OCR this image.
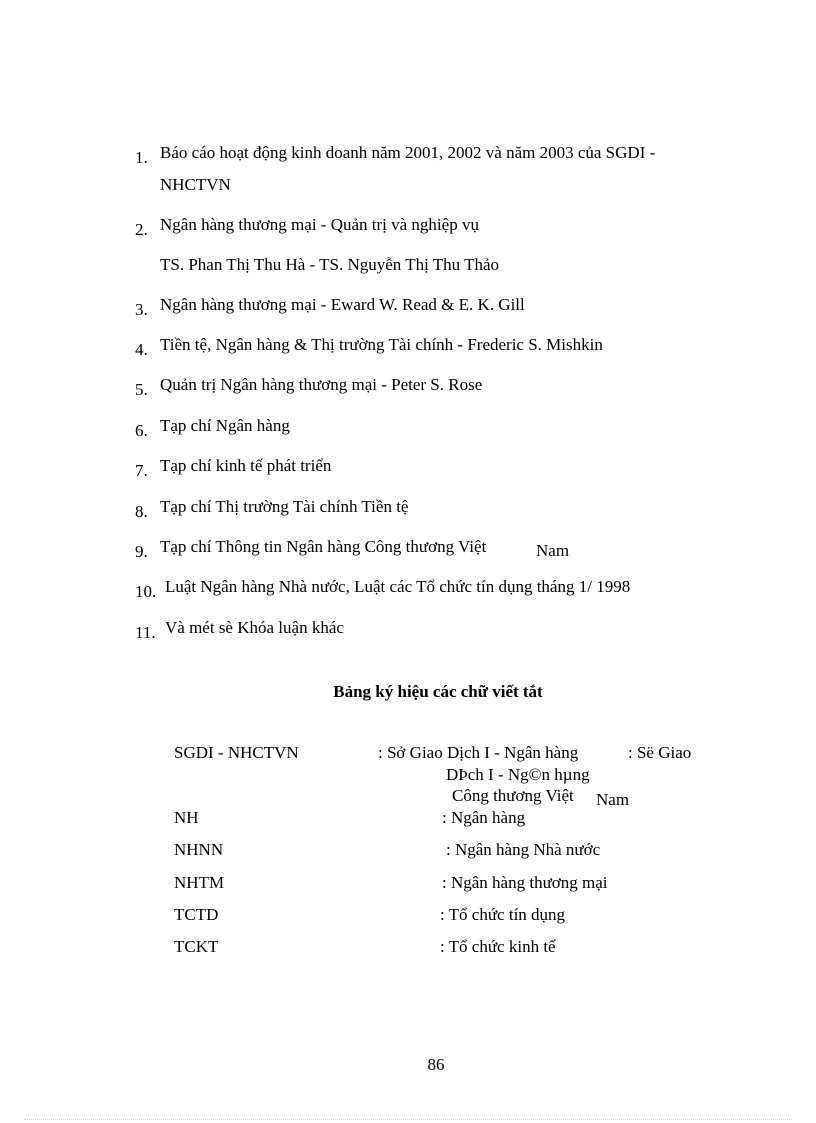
1. Báo cáo hoạt động kinh doanh năm 2001, 2002 và năm 2003 của SGDI -
NHCTVN
2. Ngân hàng thương mại - Quản trị và nghiệp vụ
TS. Phan Thị Thu Hà - TS. Nguyễn Thị Thu Thảo
3. Ngân hàng thương mại - Eward W. Read & E. K. Gill
4. Tiền tệ, Ngân hàng & Thị trường Tài chính - Frederic S. Mishkin
5. Quản trị Ngân hàng thương mại - Peter S. Rose
6. Tạp chí Ngân hàng
7. Tạp chí kinh tế phát triển
8. Tạp chí Thị trường Tài chính Tiền tệ
9. Tạp chí Thông tin Ngân hàng Công thương Việt	Nam
10. Luật Ngân hàng Nhà nước, Luật các Tổ chức tín dụng tháng 1/ 1998
11. Và mét sè Khóa luận khác
Bảng ký hiệu các chữ viết tắt
SGDI - NHCTVN	: Sở Giao Dịch I - Ngân hàng	: Së Giao
DÞch I - Ng©n hµng
Công thương Việt Nam
NH	: Ngân hàng
NHNN	: Ngân hàng Nhà nước
NHTM	: Ngân hàng thương mại
TCTD	: Tổ chức tín dụng
TCKT	: Tổ chức kinh tế
86
